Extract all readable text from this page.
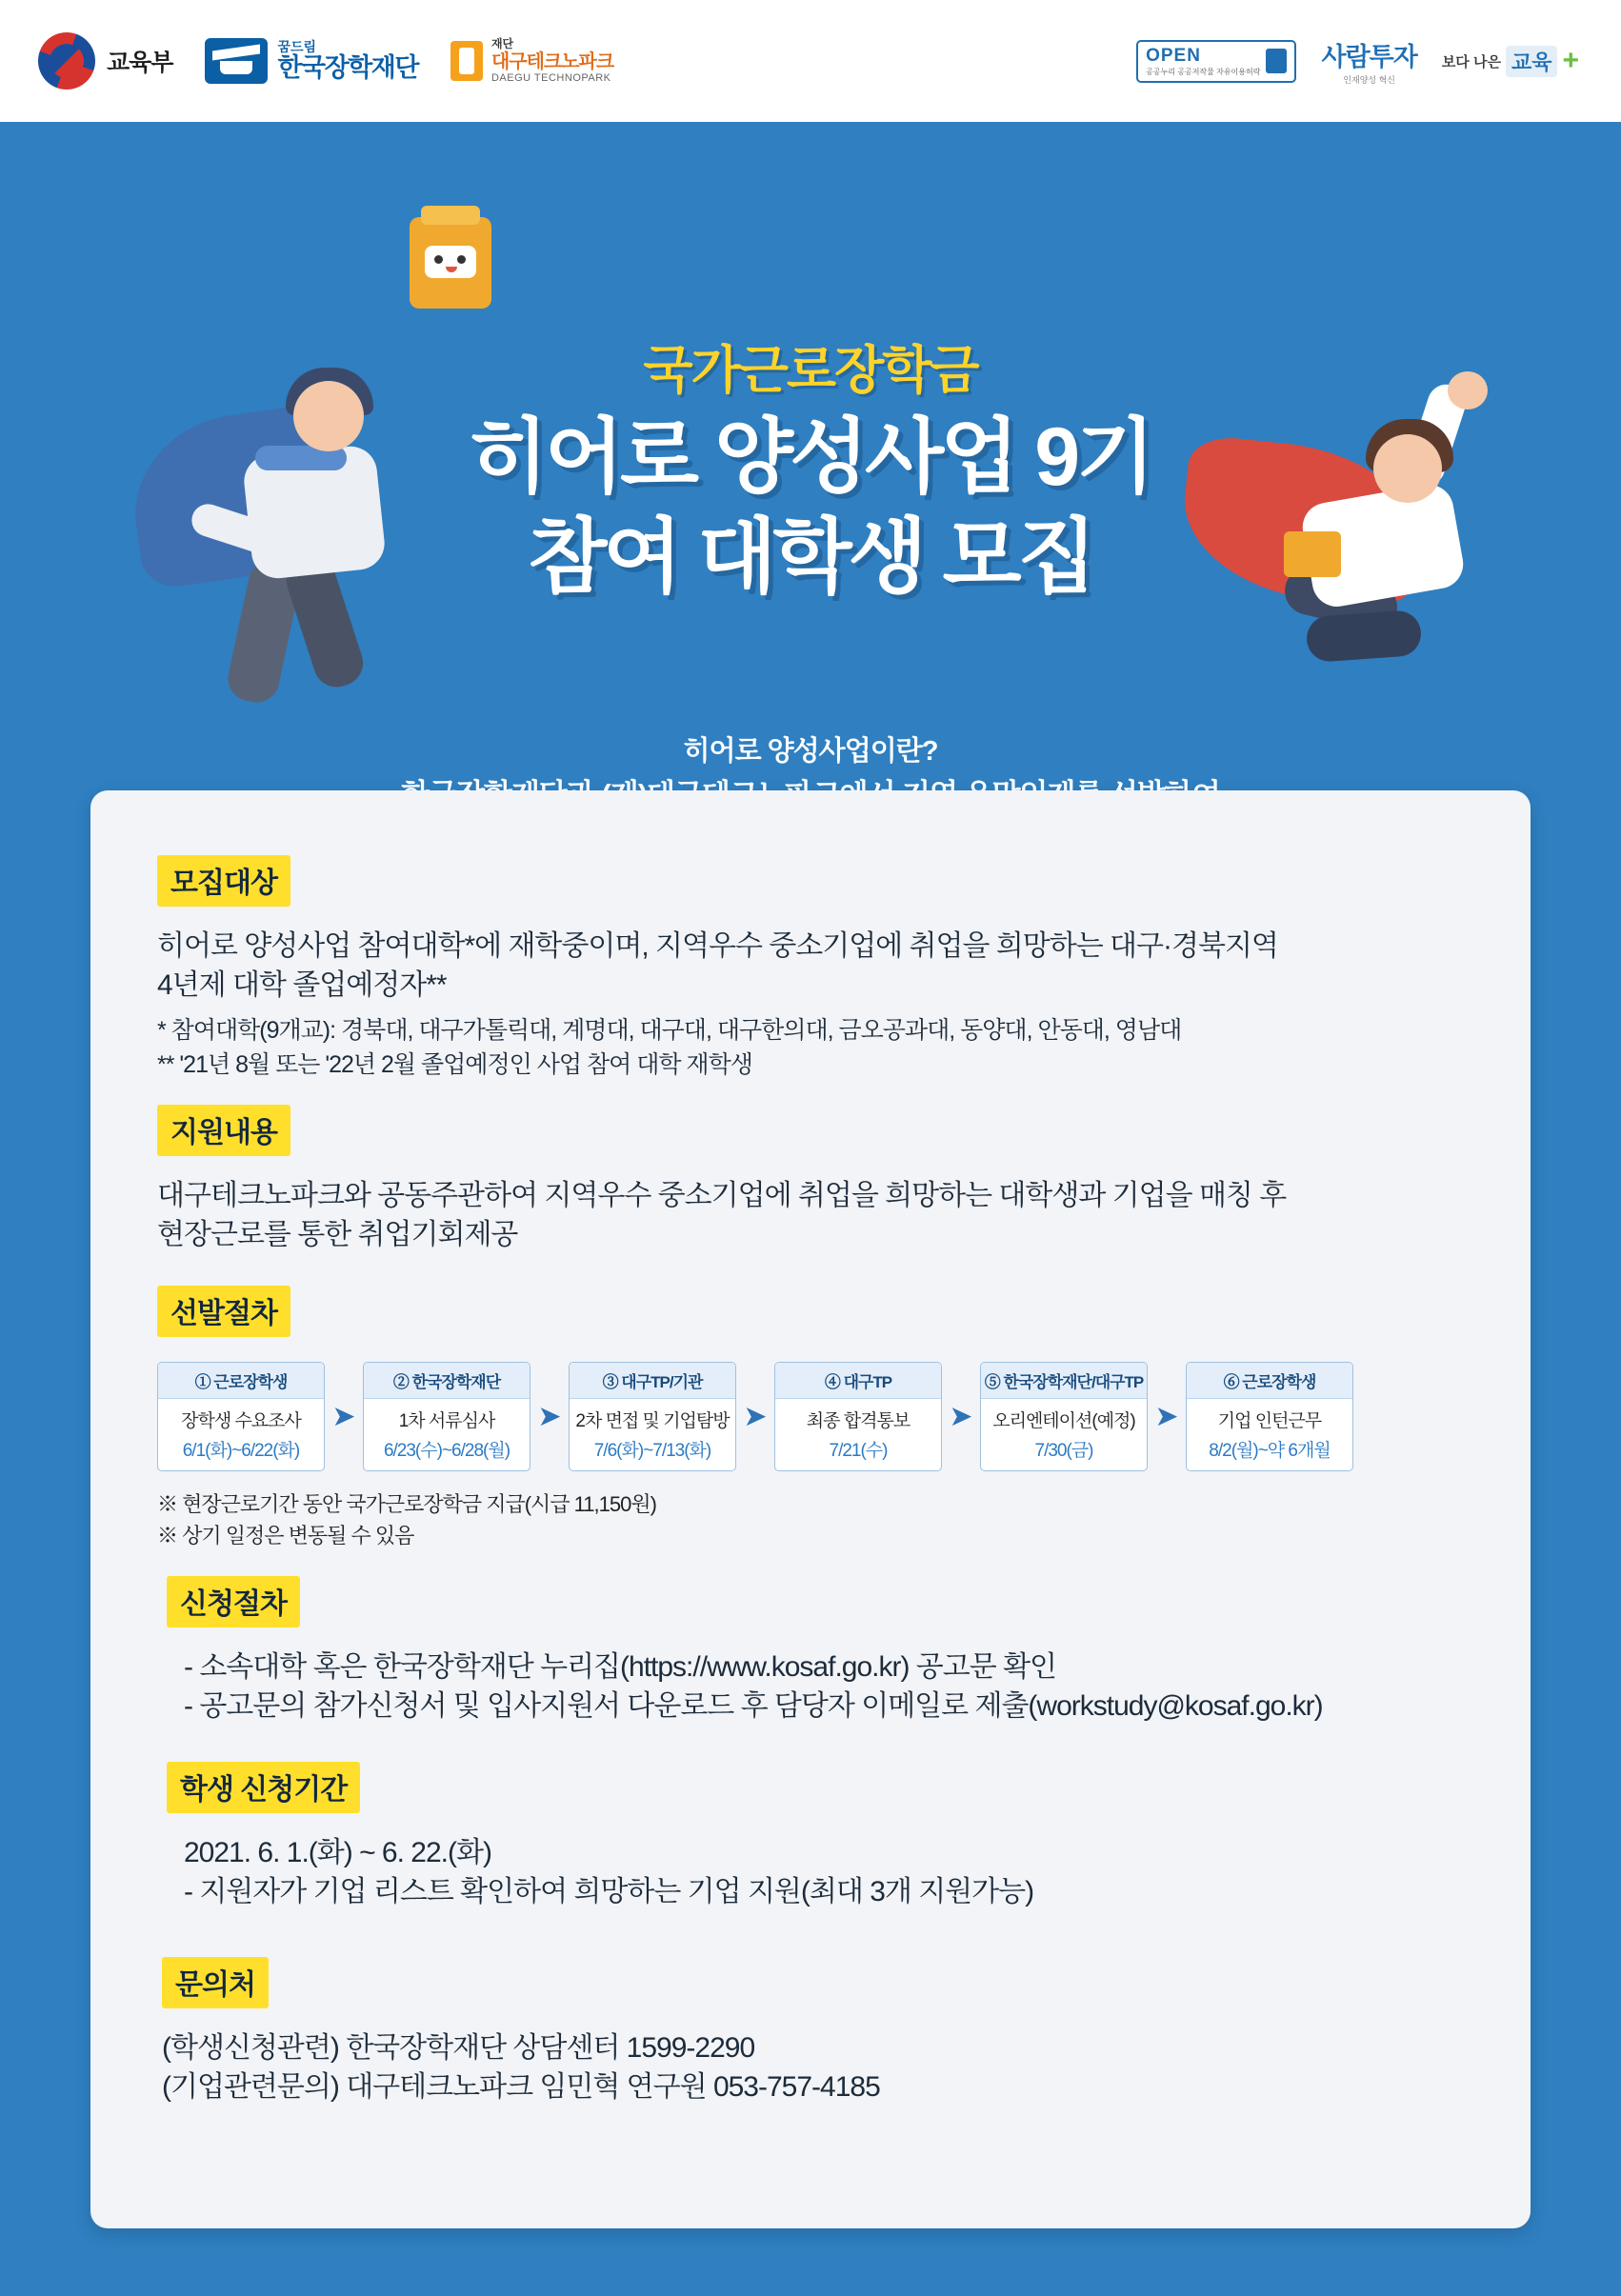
교육부
꿈드림
한국장학재단
재단
대구테크노파크
DAEGU TECHNOPARK
OPEN
공공누리 공공저작물 자유이용허락 사람투자
인재양성 혁신
보다 나은 교육 +
국가근로장학금
히어로 양성사업 9기
참여 대학생 모집
히어로 양성사업이란?
모집대상
히어로 양성사업 참여대학*에 재학중이며, 지역우수 중소기업에 취업을 희망하는 대구·경북지역
4년제 대학 졸업예정자**
* 참여대학(9개교): 경북대, 대구가톨릭대, 계명대, 대구대, 대구한의대, 금오공과대, 동양대, 안동대, 영남대
** '21년 8월 또는 '22년 2월 졸업예정인 사업 참여 대학 재학생
지원내용
대구테크노파크와 공동주관하여 지역우수 중소기업에 취업을 희망하는 대학생과 기업을 매칭 후
현장근로를 통한 취업기회제공
선발절차
① 근로장학생
장학생 수요조사
6/1(화)~6/22(화)
➤
② 한국장학재단
1차 서류심사
6/23(수)~6/28(월)
➤
③ 대구TP/기관
2차 면접 및 기업탐방
7/6(화)~7/13(화)
➤
④ 대구TP
최종 합격통보
7/21(수)
➤
⑤ 한국장학재단/대구TP
오리엔테이션(예정)
7/30(금)
➤
⑥ 근로장학생
기업 인턴근무
8/2(월)~약 6개월
※ 현장근로기간 동안 국가근로장학금 지급(시급 11,150원)
※ 상기 일정은 변동될 수 있음
신청절차
- 소속대학 혹은 한국장학재단 누리집(https://www.kosaf.go.kr) 공고문 확인
- 공고문의 참가신청서 및 입사지원서 다운로드 후 담당자 이메일로 제출(workstudy@kosaf.go.kr)
학생 신청기간
2021. 6. 1.(화) ~ 6. 22.(화)
- 지원자가 기업 리스트 확인하여 희망하는 기업 지원(최대 3개 지원가능)
문의처
(학생신청관련) 한국장학재단 상담센터 1599-2290
(기업관련문의) 대구테크노파크 임민혁 연구원 053-757-4185
